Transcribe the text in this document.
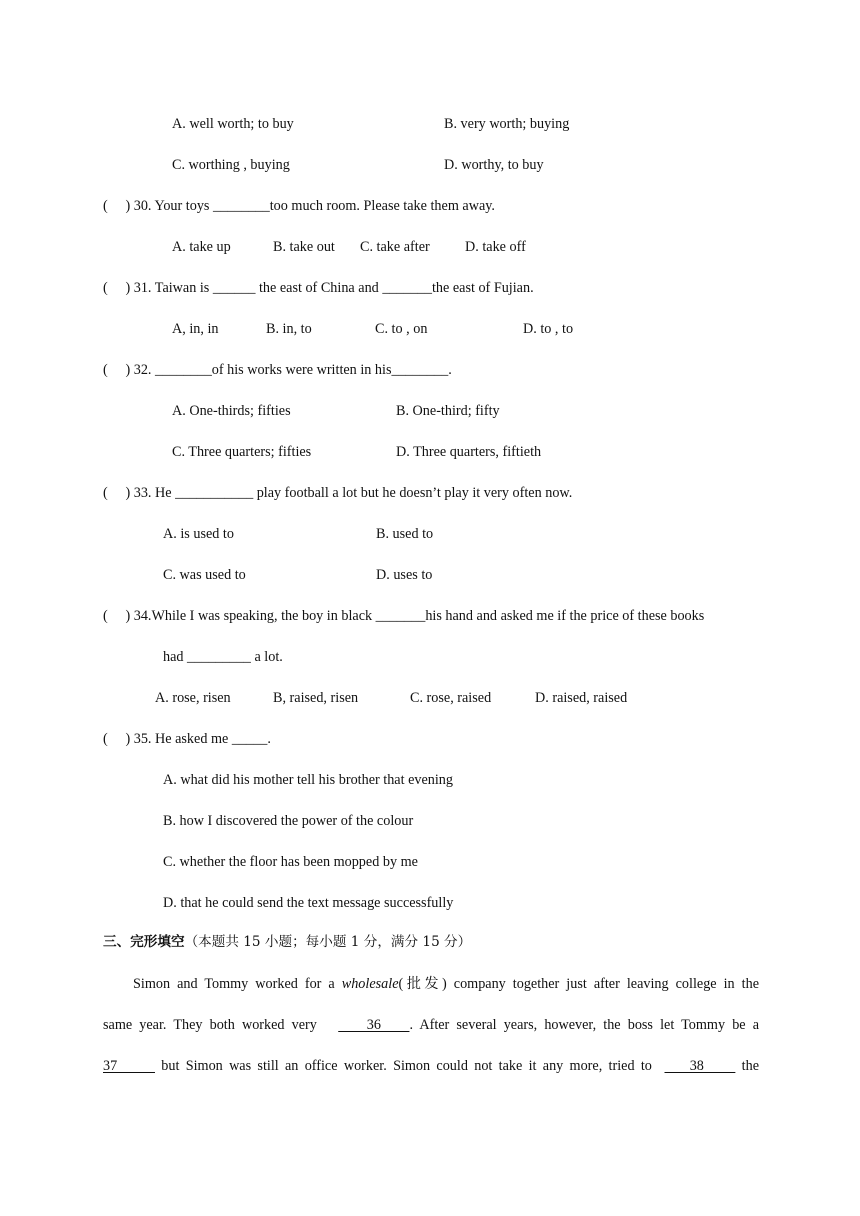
A. well worth; to buy	B. very worth; buying
C. worthing , buying	D. worthy, to buy
( ) 30. Your toys ________too much room. Please take them away.
A. take up	B. take out C. take after D. take off
( ) 31. Taiwan is ______ the east of China and _______the east of Fujian.
A, in, in	B. in, to	C. to , on	D. to , to
( ) 32. ________of his works were written in his________.
A. One-thirds; fifties	B. One-third; fifty
C. Three quarters; fifties	D. Three quarters, fiftieth
( ) 33. He ___________ play football a lot but he doesn’t play it very often now.
A. is used to	B. used to
C. was used to	D. uses to
( ) 34.While I was speaking, the boy in black _______his hand and asked me if the price of these books
had _________ a lot.
A. rose, risen	B, raised, risen	C. rose, raised	D. raised, raised
( ) 35. He asked me _____.
A. what did his mother tell his brother that evening
B. how I discovered the power of the colour
C. whether the floor has been mopped by me
D. that he could send the text message successfully
三、完形填空（本题共 15 小题；每小题 1 分，满分 15 分）
Simon and Tommy worked for a wholesale(批发) company together just after leaving college in the
same year. They both worked very       36    . After several years, however, the boss let Tommy be a
37       but Simon was still an office worker. Simon could not take it any more, tried to      38      the
